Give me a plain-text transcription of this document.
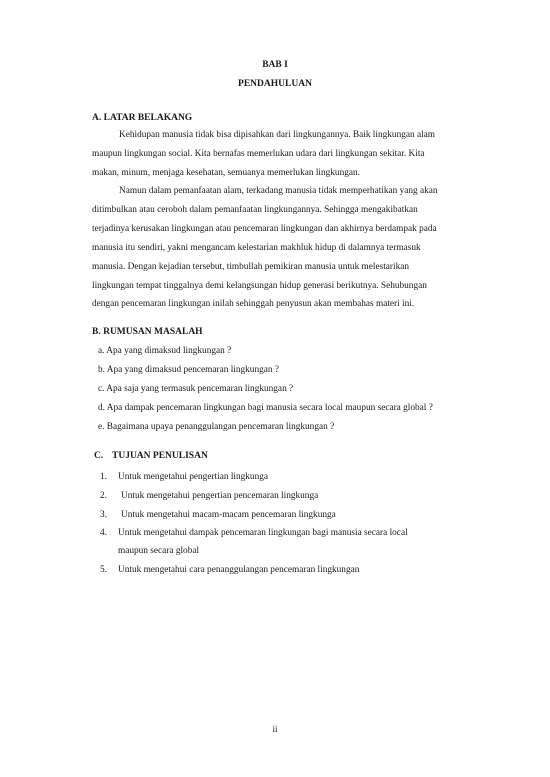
BAB I
PENDAHULUAN
A. LATAR BELAKANG
Kehidupan manusia tidak bisa dipisahkan dari lingkungannya. Baik lingkungan alam
maupun lingkungan social. Kita bernafas memerlukan udara dari lingkungan sekitar. Kita
makan, minum, menjaga kesehatan, semuanya memerlukan lingkungan.
Namun dalam pemanfaatan alam, terkadang manusia tidak memperhatikan yang akan
ditimbulkan atau ceroboh dalam pemanfaatan lingkungannya. Sehingga mengakibatkan
terjadinya kerusakan lingkungan atau pencemaran lingkungan dan akhirnya berdampak pada
manusia itu sendiri, yakni mengancam kelestarian makhluk hidup di dalamnya termasuk
manusia. Dengan kejadian tersebut, timbullah pemikiran manusia untuk melestarikan
lingkungan tempat tinggalnya demi kelangsungan hidup generasi berikutnya. Sehubungan
dengan pencemaran lingkungan inilah sehinggah penyusun akan membahas materi ini.
B. RUMUSAN MASALAH
a. Apa yang dimaksud lingkungan ?
b. Apa yang dimaksud pencemaran lingkungan ?
c. Apa saja yang termasuk pencemaran lingkungan ?
d. Apa dampak pencemaran lingkungan bagi manusia secara local maupun secara global ?
e. Bagaimana upaya penanggulangan pencemaran lingkungan ?
C. TUJUAN PENULISAN
1. Untuk mengetahui pengertian lingkunga
2. Untuk mengetahui pengertian pencemaran lingkunga
3. Untuk mengetahui macam-macam pencemaran lingkunga
4. Untuk mengetahui dampak pencemaran lingkungan bagi manusia secara local
maupun secara global
5. Untuk mengetahui cara penanggulangan pencemaran lingkungan
ii
